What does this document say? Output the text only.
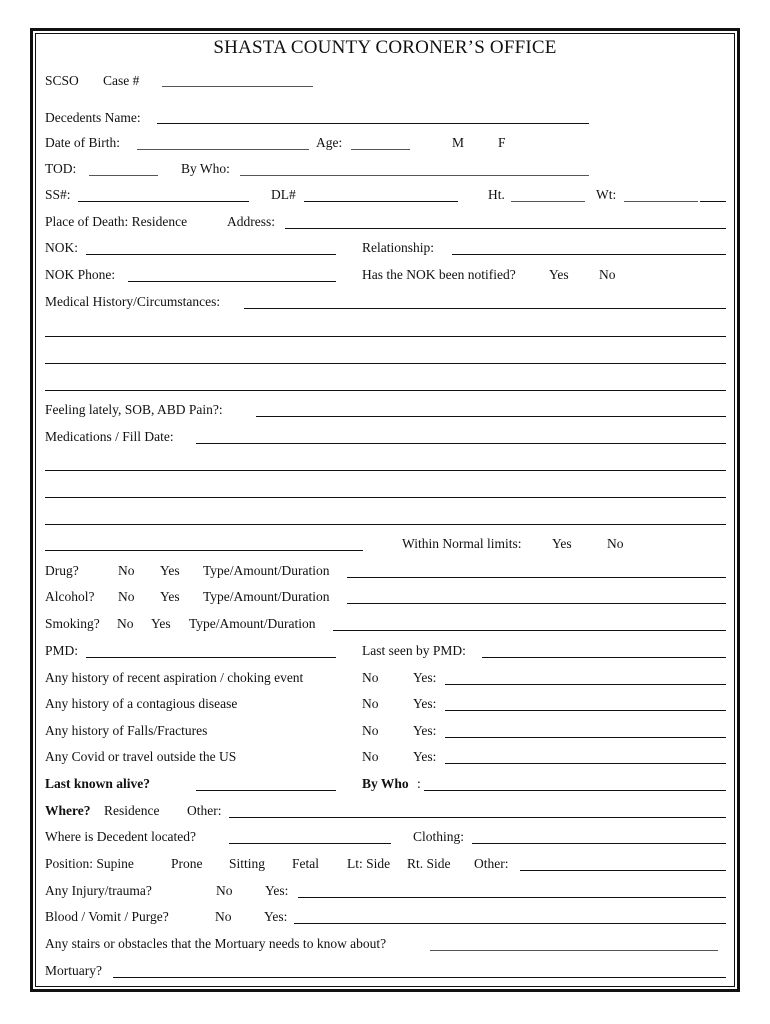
SHASTA COUNTY CORONER’S OFFICE
SCSO Case #
Decedents Name:
Date of Birth:	Age:	M	F
TOD:	By Who:
SS#:	DL#	Ht.	Wt:
Place of Death: Residence	Address:
NOK:	Relationship:
NOK Phone:	Has the NOK been notified? Yes No
Medical History/Circumstances:
Feeling lately, SOB, ABD Pain?:
Medications / Fill Date:
Within Normal limits: Yes	No
Drug?	No Yes Type/Amount/Duration
Alcohol? No Yes Type/Amount/Duration
Smoking? No Yes Type/Amount/Duration
PMD:	Last seen by PMD:
Any history of recent aspiration / choking event	No	Yes:
Any history of a contagious disease	No	Yes:
Any history of Falls/Fractures	No	Yes:
Any Covid or travel outside the US	No	Yes:
Last known alive?	By Who :
Where? Residence Other:
Where is Decedent located?	Clothing:
Position: Supine	Prone Sitting Fetal Lt: Side Rt. Side Other:
Any Injury/trauma?	No Yes:
Blood / Vomit / Purge?	No Yes:
Any stairs or obstacles that the Mortuary needs to know about?
Mortuary?
